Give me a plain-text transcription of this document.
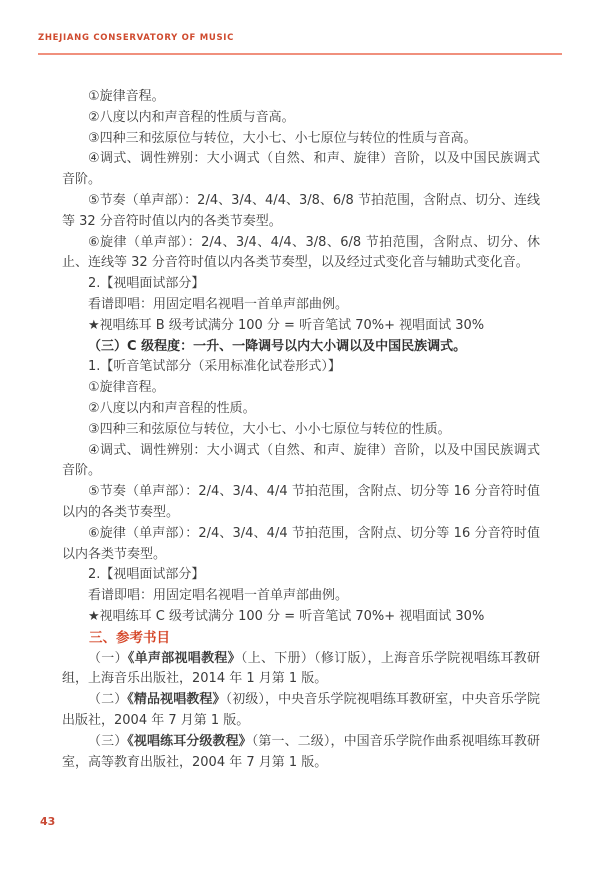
ZHEJIANG CONSERVATORY OF MUSIC

①旋律音程。

②八度以内和声音程的性质与音高。

③四种三和弦原位与转位，大小七、小七原位与转位的性质与音高。

④调式、调性辨别：大小调式（自然、和声、旋律）音阶，以及中国民族调式音阶。

⑤节奏（单声部）：2/4、3/4、4/4、3/8、6/8 节拍范围，含附点、切分、连线等 32 分音符时值以内的各类节奏型。

⑥旋律（单声部）：2/4、3/4、4/4、3/8、6/8 节拍范围，含附点、切分、休止、连线等 32 分音符时值以内各类节奏型，以及经过式变化音与辅助式变化音。

2.【视唱面试部分】

看谱即唱：用固定唱名视唱一首单声部曲例。

★视唱练耳 B 级考试满分 100 分 = 听音笔试 70%+ 视唱面试 30%

（三）C 级程度：一升、一降调号以内大小调以及中国民族调式。

1.【听音笔试部分（采用标准化试卷形式）】

①旋律音程。

②八度以内和声音程的性质。

③四种三和弦原位与转位，大小七、小小七原位与转位的性质。

④调式、调性辨别：大小调式（自然、和声、旋律）音阶，以及中国民族调式音阶。

⑤节奏（单声部）：2/4、3/4、4/4 节拍范围，含附点、切分等 16 分音符时值以内的各类节奏型。

⑥旋律（单声部）：2/4、3/4、4/4 节拍范围，含附点、切分等 16 分音符时值以内各类节奏型。

2.【视唱面试部分】

看谱即唱：用固定唱名视唱一首单声部曲例。

★视唱练耳 C 级考试满分 100 分 = 听音笔试 70%+ 视唱面试 30%

三、参考书目

（一）《单声部视唱教程》（上、下册）（修订版），上海音乐学院视唱练耳教研组，上海音乐出版社，2014 年 1 月第 1 版。

（二）《精品视唱教程》（初级），中央音乐学院视唱练耳教研室，中央音乐学院出版社，2004 年 7 月第 1 版。

（三）《视唱练耳分级教程》（第一、二级），中国音乐学院作曲系视唱练耳教研室，高等教育出版社，2004 年 7 月第 1 版。

43
